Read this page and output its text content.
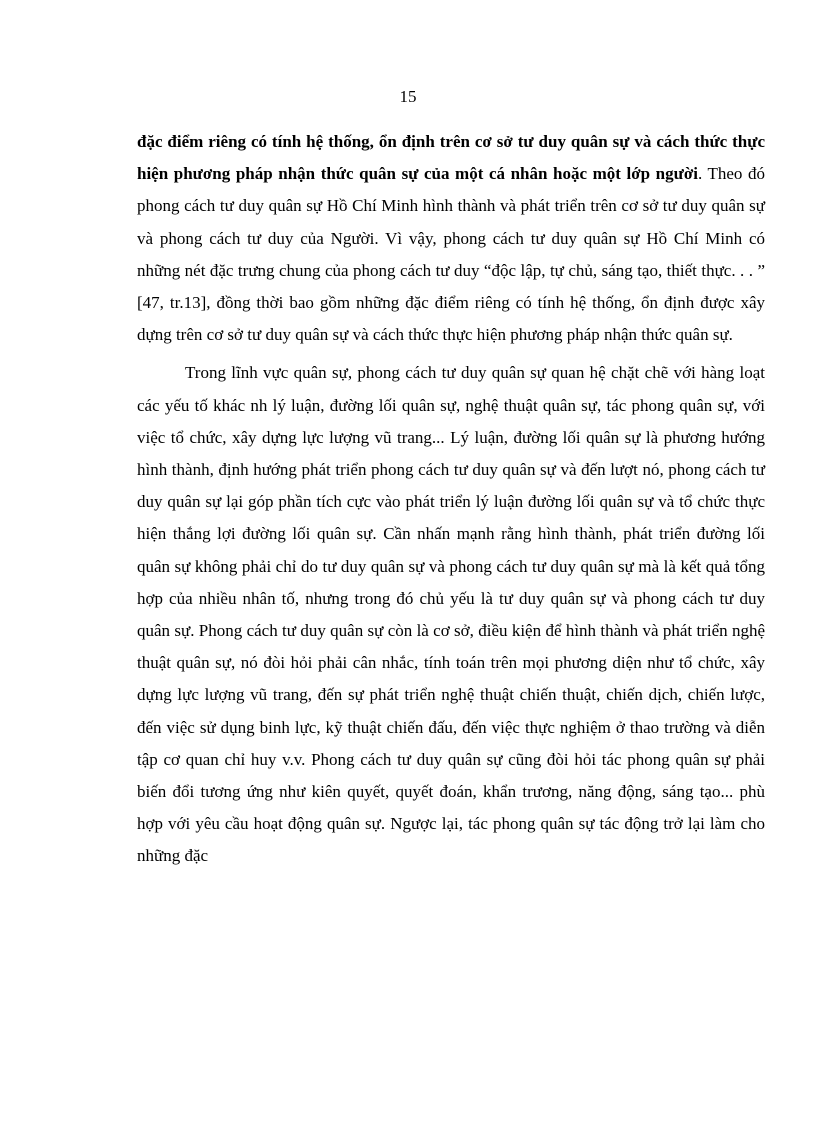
15

đặc điểm riêng có tính hệ thống, ổn định trên cơ sở tư duy quân sự và cách thức thực hiện phương pháp nhận thức quân sự của một cá nhân hoặc một lớp người. Theo đó phong cách tư duy quân sự Hồ Chí Minh hình thành và phát triển trên cơ sở tư duy quân sự và phong cách tư duy của Người. Vì vậy, phong cách tư duy quân sự Hồ Chí Minh có những nét đặc trưng chung của phong cách tư duy “độc lập, tự chủ, sáng tạo, thiết thực. . . ” [47, tr.13], đồng thời bao gồm những đặc điểm riêng có tính hệ thống, ổn định được xây dựng trên cơ sở tư duy quân sự và cách thức thực hiện phương pháp nhận thức quân sự.

Trong lĩnh vực quân sự, phong cách tư duy quân sự quan hệ chặt chẽ với hàng loạt các yếu tố khác nh lý luận, đường lối quân sự, nghệ thuật quân sự, tác phong quân sự, với việc tổ chức, xây dựng lực lượng vũ trang... Lý luận, đường lối quân sự là phương hướng hình thành, định hướng phát triển phong cách tư duy quân sự và đến lượt nó, phong cách tư duy quân sự lại góp phần tích cực vào phát triển lý luận đường lối quân sự và tổ chức thực hiện thắng lợi đường lối quân sự. Cần nhấn mạnh rằng hình thành, phát triển đường lối quân sự không phải chỉ do tư duy quân sự và phong cách tư duy quân sự mà là kết quả tổng hợp của nhiều nhân tố, nhưng trong đó chủ yếu là tư duy quân sự và phong cách tư duy quân sự. Phong cách tư duy quân sự còn là cơ sở, điều kiện để hình thành và phát triển nghệ thuật quân sự, nó đòi hỏi phải cân nhắc, tính toán trên mọi phương diện như tổ chức, xây dựng lực lượng vũ trang, đến sự phát triển nghệ thuật chiến thuật, chiến dịch, chiến lược, đến việc sử dụng binh lực, kỹ thuật chiến đấu, đến việc thực nghiệm ở thao trường và diễn tập cơ quan chỉ huy v.v. Phong cách tư duy quân sự cũng đòi hỏi tác phong quân sự phải biến đổi tương ứng như kiên quyết, quyết đoán, khẩn trương, năng động, sáng tạo... phù hợp với yêu cầu hoạt động quân sự. Ngược lại, tác phong quân sự tác động trở lại làm cho những đặc
